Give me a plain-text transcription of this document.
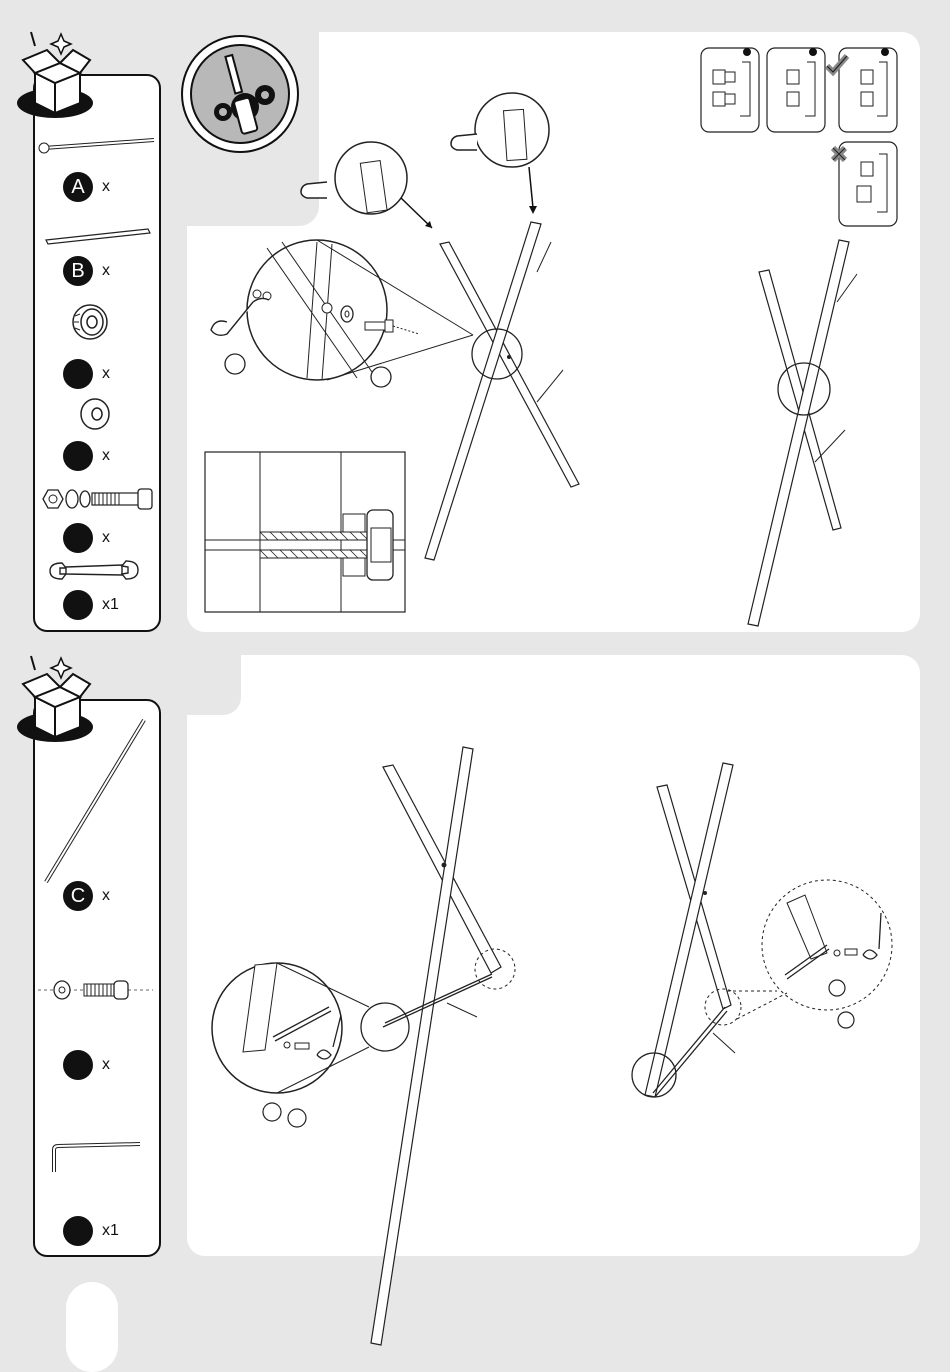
A	x
B	x
x
x
x
x1
C	x
x
x1
